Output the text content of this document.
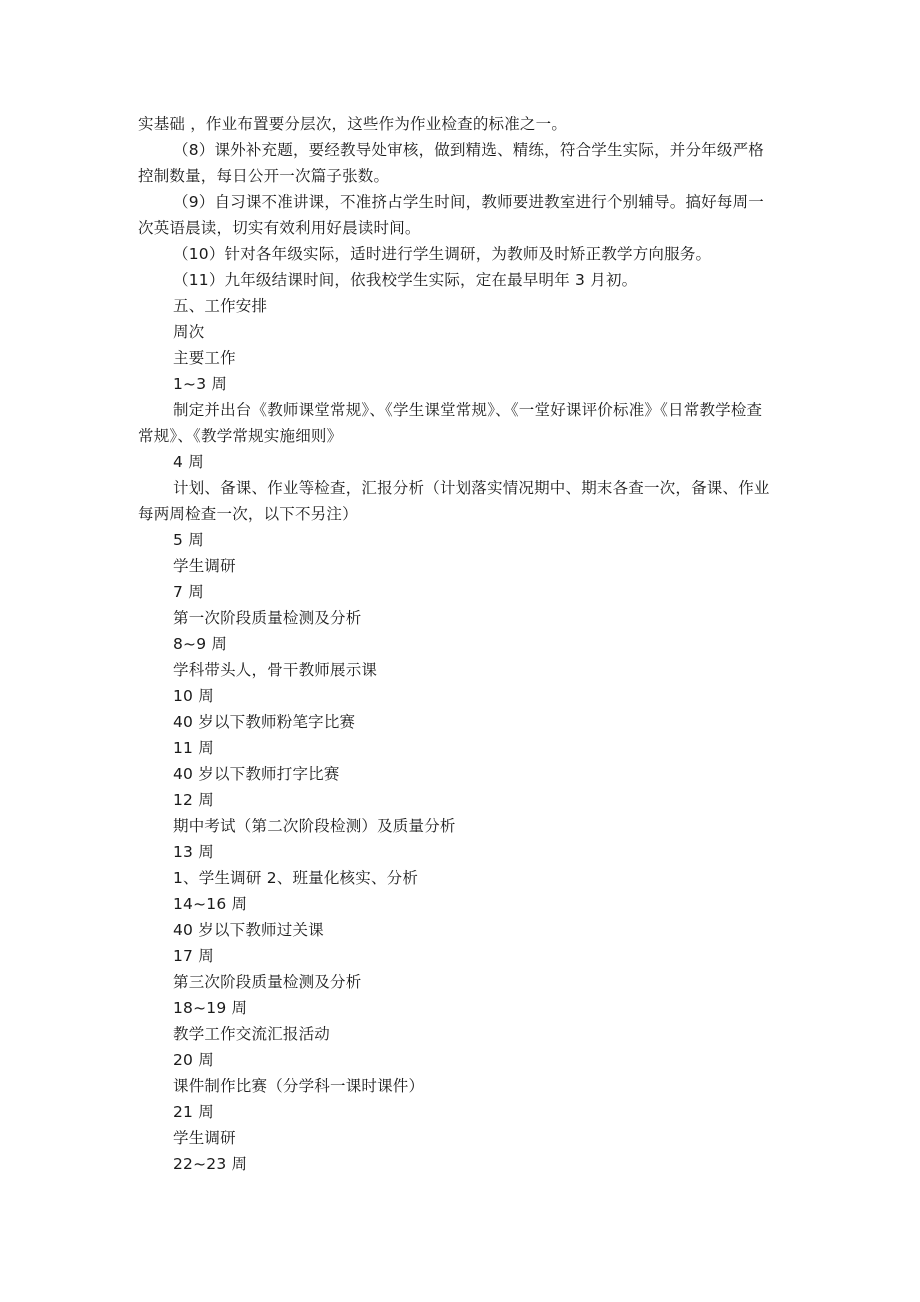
实基础 ，作业布置要分层次，这些作为作业检查的标准之一。
（8）课外补充题，要经教导处审核，做到精选、精练，符合学生实际，并分年级严格
控制数量，每日公开一次篇子张数。
（9）自习课不准讲课，不准挤占学生时间，教师要进教室进行个别辅导。搞好每周一
次英语晨读，切实有效利用好晨读时间。
（10）针对各年级实际，适时进行学生调研，为教师及时矫正教学方向服务。
（11）九年级结课时间，依我校学生实际，定在最早明年 3 月初。
五、工作安排
周次
主要工作
1~3 周
制定并出台《教师课堂常规》、《学生课堂常规》、《一堂好课评价标准》《日常教学检查
常规》、《教学常规实施细则》
4 周
计划、备课、作业等检查，汇报分析（计划落实情况期中、期末各查一次，备课、作业
每两周检查一次，以下不另注）
5 周
学生调研
7 周
第一次阶段质量检测及分析
8~9 周
学科带头人，骨干教师展示课
10 周
40 岁以下教师粉笔字比赛
11 周
40 岁以下教师打字比赛
12 周
期中考试（第二次阶段检测）及质量分析
13 周
1、学生调研 2、班量化核实、分析
14~16 周
40 岁以下教师过关课
17 周
第三次阶段质量检测及分析
18~19 周
教学工作交流汇报活动
20 周
课件制作比赛（分学科一课时课件）
21 周
学生调研
22~23 周
